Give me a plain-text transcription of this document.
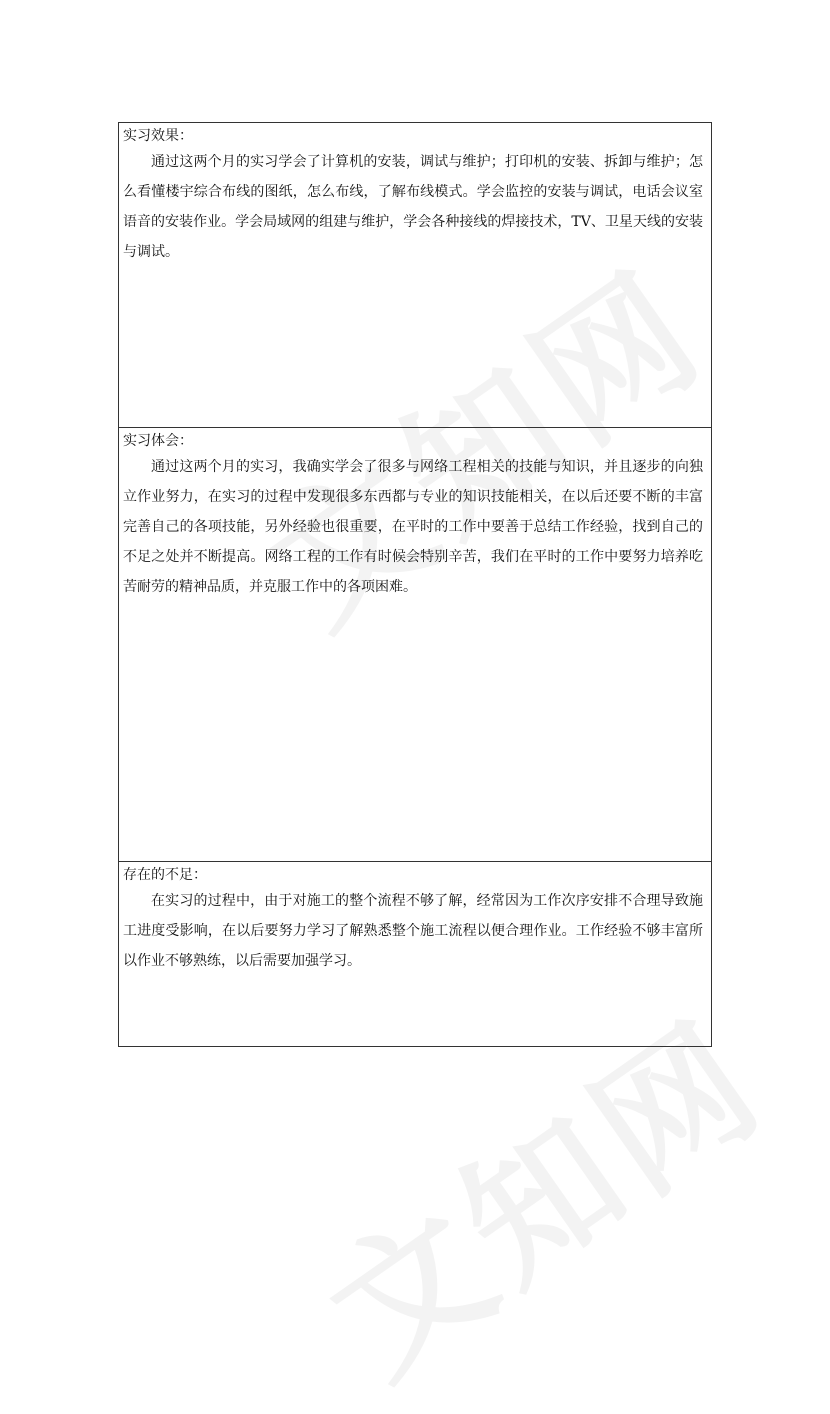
实习效果：

通过这两个月的实习学会了计算机的安装，调试与维护；打印机的安装、拆卸与维护；怎么看懂楼宇综合布线的图纸，怎么布线，了解布线模式。学会监控的安装与调试，电话会议室语音的安装作业。学会局域网的组建与维护，学会各种接线的焊接技术，TV、卫星天线的安装与调试。

实习体会：

通过这两个月的实习，我确实学会了很多与网络工程相关的技能与知识，并且逐步的向独立作业努力，在实习的过程中发现很多东西都与专业的知识技能相关，在以后还要不断的丰富完善自己的各项技能，另外经验也很重要，在平时的工作中要善于总结工作经验，找到自己的不足之处并不断提高。网络工程的工作有时候会特别辛苦，我们在平时的工作中要努力培养吃苦耐劳的精神品质，并克服工作中的各项困难。

存在的不足：

在实习的过程中，由于对施工的整个流程不够了解，经常因为工作次序安排不合理导致施工进度受影响，在以后要努力学习了解熟悉整个施工流程以便合理作业。工作经验不够丰富所以作业不够熟练，以后需要加强学习。
